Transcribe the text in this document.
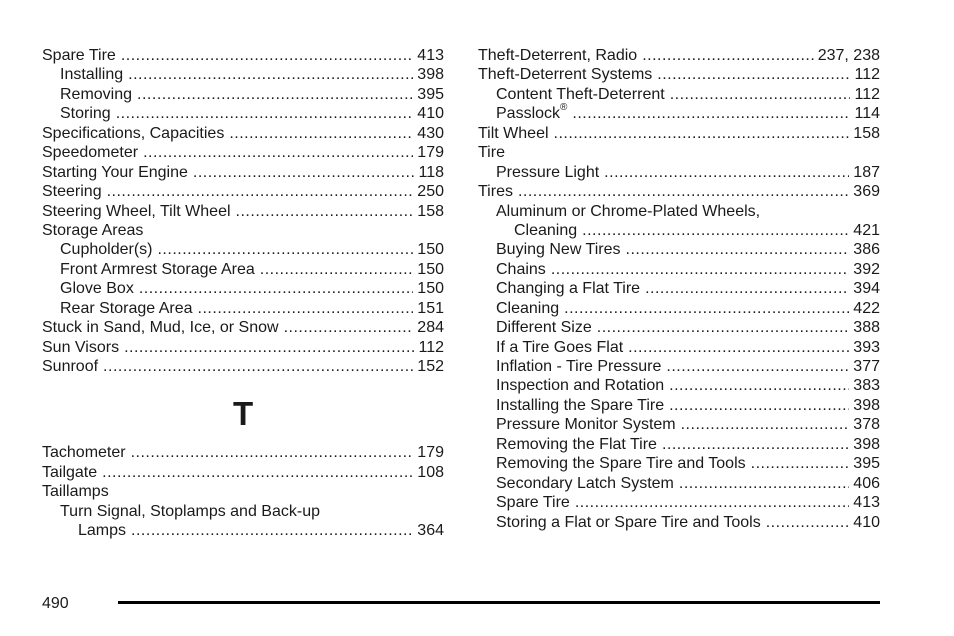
Spare Tire .....	413
Installing .....	398
Removing .....	395
Storing .....	410
Specifications, Capacities .....	430
Speedometer .....	179
Starting Your Engine .....	118
Steering .....	250
Steering Wheel, Tilt Wheel .....	158
Storage Areas
Cupholder(s) .....	150
Front Armrest Storage Area .....	150
Glove Box .....	150
Rear Storage Area .....	151
Stuck in Sand, Mud, Ice, or Snow .....	284
Sun Visors .....	112
Sunroof .....	152
T
Tachometer .....	179
Tailgate .....	108
Taillamps
Turn Signal, Stoplamps and Back-up
Lamps .....	364
Theft-Deterrent, Radio .....	237, 238
Theft-Deterrent Systems .....	112
Content Theft-Deterrent .....	112
Passlock® .....	114
Tilt Wheel .....	158
Tire
Pressure Light .....	187
Tires .....	369
Aluminum or Chrome-Plated Wheels,
Cleaning .....	421
Buying New Tires .....	386
Chains .....	392
Changing a Flat Tire .....	394
Cleaning .....	422
Different Size .....	388
If a Tire Goes Flat .....	393
Inflation - Tire Pressure .....	377
Inspection and Rotation .....	383
Installing the Spare Tire .....	398
Pressure Monitor System .....	378
Removing the Flat Tire .....	398
Removing the Spare Tire and Tools .....	395
Secondary Latch System .....	406
Spare Tire .....	413
Storing a Flat or Spare Tire and Tools .....	410
490
